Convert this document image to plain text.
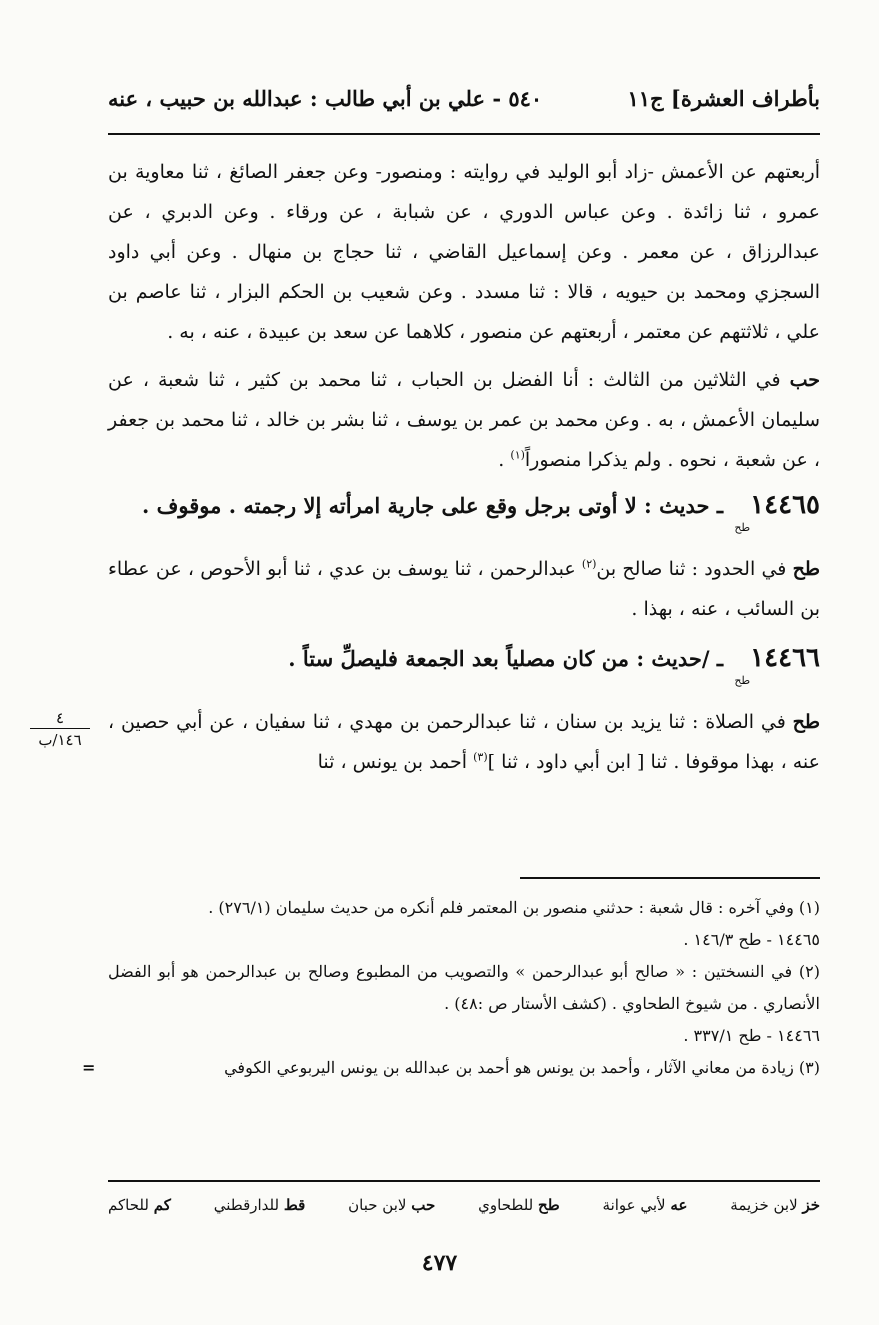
بأطراف العشرة] ج١١
٥٤٠ - علي بن أبي طالب : عبدالله بن حبيب ، عنه

أربعتهم عن الأعمش -زاد أبو الوليد في روايته : ومنصور- وعن جعفر الصائغ ، ثنا معاوية بن عمرو ، ثنا زائدة . وعن عباس الدوري ، عن شبابة ، عن ورقاء . وعن الدبري ، عن عبدالرزاق ، عن معمر . وعن إسماعيل القاضي ، ثنا حجاج بن منهال . وعن أبي داود السجزي ومحمد بن حيويه ، قالا : ثنا مسدد . وعن شعيب بن الحكم البزار ، ثنا عاصم بن علي ، ثلاثتهم عن معتمر ، أربعتهم عن منصور ، كلاهما عن سعد بن عبيدة ، عنه ، به .

حب في الثلاثين من الثالث : أنا الفضل بن الحباب ، ثنا محمد بن كثير ، ثنا شعبة ، عن سليمان الأعمش ، به . وعن محمد بن عمر بن يوسف ، ثنا بشر بن خالد ، ثنا محمد بن جعفر ، عن شعبة ، نحوه . ولم يذكرا منصوراً$^{(١)}$ .

١٤٤٦٥طح ـ حديث : لا أوتى برجل وقع على جارية امرأته إلا رجمته . موقوف .

طح في الحدود : ثنا صالح بن$^{(٢)}$ عبدالرحمن ، ثنا يوسف بن عدي ، ثنا أبو الأحوص ، عن عطاء بن السائب ، عنه ، بهذا .

١٤٤٦٦طح ـ /حديث : من كان مصلياً بعد الجمعة فليصلِّ ستاً .

طح في الصلاة : ثنا يزيد بن سنان ، ثنا عبدالرحمن بن مهدي ، ثنا سفيان ، عن أبي حصين ، عنه ، بهذا موقوفا . ثنا [ ابن أبي داود ، ثنا ]$^{(٣)}$ أحمد بن يونس ، ثنا

٤
١٤٦/ب

(١) وفي آخره : قال شعبة : حدثني منصور بن المعتمر فلم أنكره من حديث سليمان (٢٧٦/١) .

١٤٤٦٥ - طح ١٤٦/٣ .

(٢) في النسختين : « صالح أبو عبدالرحمن » والتصويب من المطبوع وصالح بن عبدالرحمن هو أبو الفضل الأنصاري . من شيوخ الطحاوي . (كشف الأستار ص :٤٨) .

١٤٤٦٦ - طح ٣٣٧/١ .

(٣) زيادة من معاني الآثار ، وأحمد بن يونس هو أحمد بن عبدالله بن يونس اليربوعي الكوفي
=

خز لابن خزيمة
عه لأبي عوانة
طح للطحاوي
حب لابن حبان
قط للدارقطني
كم للحاكم
٤٧٧
